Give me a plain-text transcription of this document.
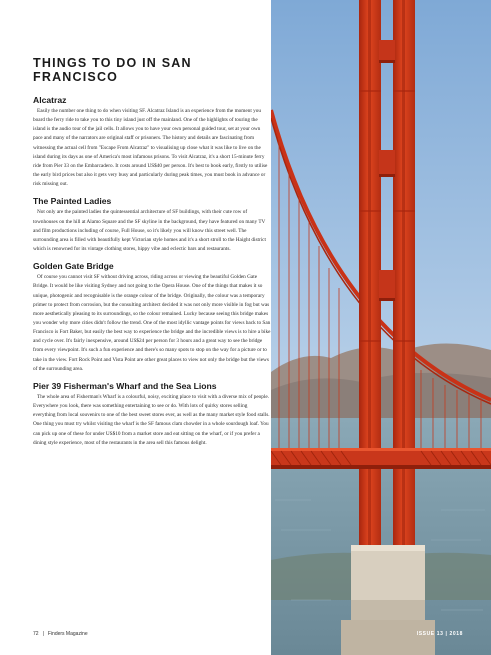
THINGS TO DO IN SAN FRANCISCO
Alcatraz

Easily the number one thing to do when visiting SF. Alcatraz Island is an experience from the moment you board the ferry ride to take you to this tiny island just off the mainland. One of the highlights of touring the island is the audio tour of the jail cells. It allows you to have your own personal guided tour, set at your own pace and many of the narrators are original staff or prisoners. The history and details are fascinating from witnessing the actual cell from "Escape From Alcatraz" to visualising up close what it was like to live on the island during its days as one of America's most infamous prisons. To visit Alcatraz, it's a short 15-minute ferry ride from Pier 33 on the Embarcadero. It costs around US$40 per person. It's best to book early, firstly to utilise the early bird prices but also it gets very busy and particularly during peak times, you must book in advance or risk missing out.

The Painted Ladies

Not only are the painted ladies the quintessential architecture of SF buildings, with their cute row of townhouses on the hill at Alamo Square and the SF skyline in the background, they have featured on many TV and film productions including of course, Full House, so it's likely you will know this street well. The surrounding area is filled with beautifully kept Victorian style homes and it's a short stroll to the Haight district which is renowned for its vintage clothing stores, hippy vibe and eclectic bars and restaurants.

Golden Gate Bridge

Of course you cannot visit SF without driving across, riding across or viewing the beautiful Golden Gate Bridge. It would be like visiting Sydney and not going to the Opera House. One of the things that makes it so unique, photogenic and recognisable is the orange colour of the bridge. Originally, the colour was a temporary primer to protect from corrosion, but the consulting architect decided it was not only more visible in fog but was more aesthetically pleasing to its surroundings, so the colour remained. Lucky because seeing this bridge makes you wonder why more cities didn't follow the trend. One of the most idyllic vantage points for views back to San Francisco is Fort Baker, but easily the best way to experience the bridge and the incredible views is to hire a bike and cycle over. It's fairly inexpensive, around US$24 per person for 3 hours and a great way to see the bridge from every viewpoint. It's such a fun experience and there's so many spots to stop on the way for a picture or to take in the view. Fort Rock Point and Vista Point are other great places to view not only the bridge but the views of the surrounding area.

Pier 39 Fisherman's Wharf and the Sea Lions

The whole area of Fisherman's Wharf is a colourful, noisy, exciting place to visit with a diverse mix of people. Everywhere you look, there was something entertaining to see or do. With lots of quirky stores selling everything from local souvenirs to one of the best sweet stores ever, as well as the many market style food stalls. One thing you must try whilst visiting the wharf is the SF famous clam chowder in a whole sourdough loaf. You can pick up one of these for under US$10 from a market store and eat sitting on the wharf, or if you prefer a dining style experience, most of the restaurants in the area sell this famous delight.

72 | Finders Magazine	ISSUE 13 | 2018
